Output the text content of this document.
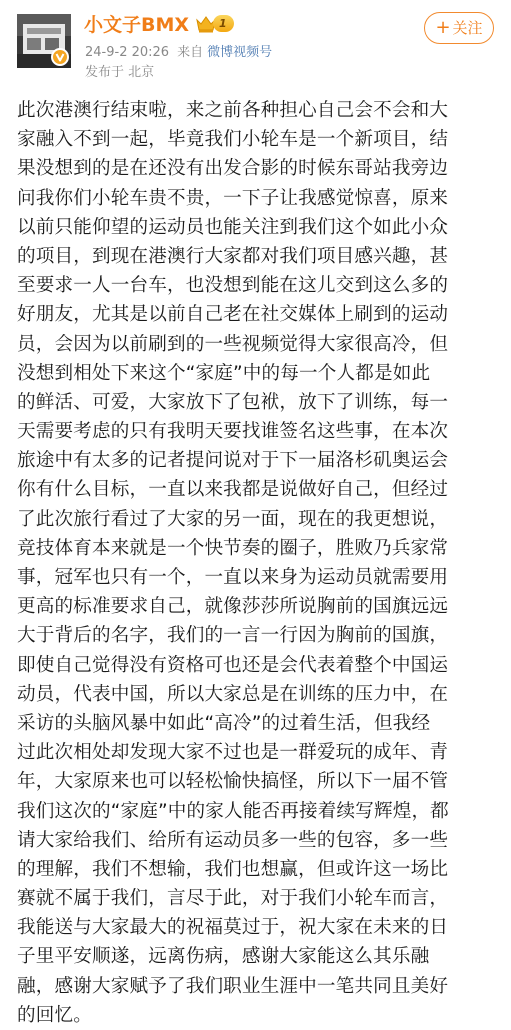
小文子BMX	1
24-9-2 20:26 来自 微博视频号
发布于 北京
+ 关注
此次港澳行结束啦，来之前各种担心自己会不会和大
家融入不到一起，毕竟我们小轮车是一个新项目，结
果没想到的是在还没有出发合影的时候东哥站我旁边
问我你们小轮车贵不贵，一下子让我感觉惊喜，原来
以前只能仰望的运动员也能关注到我们这个如此小众
的项目，到现在港澳行大家都对我们项目感兴趣，甚
至要求一人一台车，也没想到能在这儿交到这么多的
好朋友，尤其是以前自己老在社交媒体上刷到的运动
员，会因为以前刷到的一些视频觉得大家很高冷，但
没想到相处下来这个“家庭”中的每一个人都是如此
的鲜活、可爱，大家放下了包袱，放下了训练，每一
天需要考虑的只有我明天要找谁签名这些事，在本次
旅途中有太多的记者提问说对于下一届洛杉矶奥运会
你有什么目标，一直以来我都是说做好自己，但经过
了此次旅行看过了大家的另一面，现在的我更想说，
竞技体育本来就是一个快节奏的圈子，胜败乃兵家常
事，冠军也只有一个，一直以来身为运动员就需要用
更高的标准要求自己，就像莎莎所说胸前的国旗远远
大于背后的名字，我们的一言一行因为胸前的国旗，
即使自己觉得没有资格可也还是会代表着整个中国运
动员，代表中国，所以大家总是在训练的压力中，在
采访的头脑风暴中如此“高冷”的过着生活，但我经
过此次相处却发现大家不过也是一群爱玩的成年、青
年，大家原来也可以轻松愉快搞怪，所以下一届不管
我们这次的“家庭”中的家人能否再接着续写辉煌，都
请大家给我们、给所有运动员多一些的包容，多一些
的理解，我们不想输，我们也想赢，但或许这一场比
赛就不属于我们，言尽于此，对于我们小轮车而言，
我能送与大家最大的祝福莫过于，祝大家在未来的日
子里平安顺遂，远离伤病，感谢大家能这么其乐融
融，感谢大家赋予了我们职业生涯中一笔共同且美好
的回忆。
